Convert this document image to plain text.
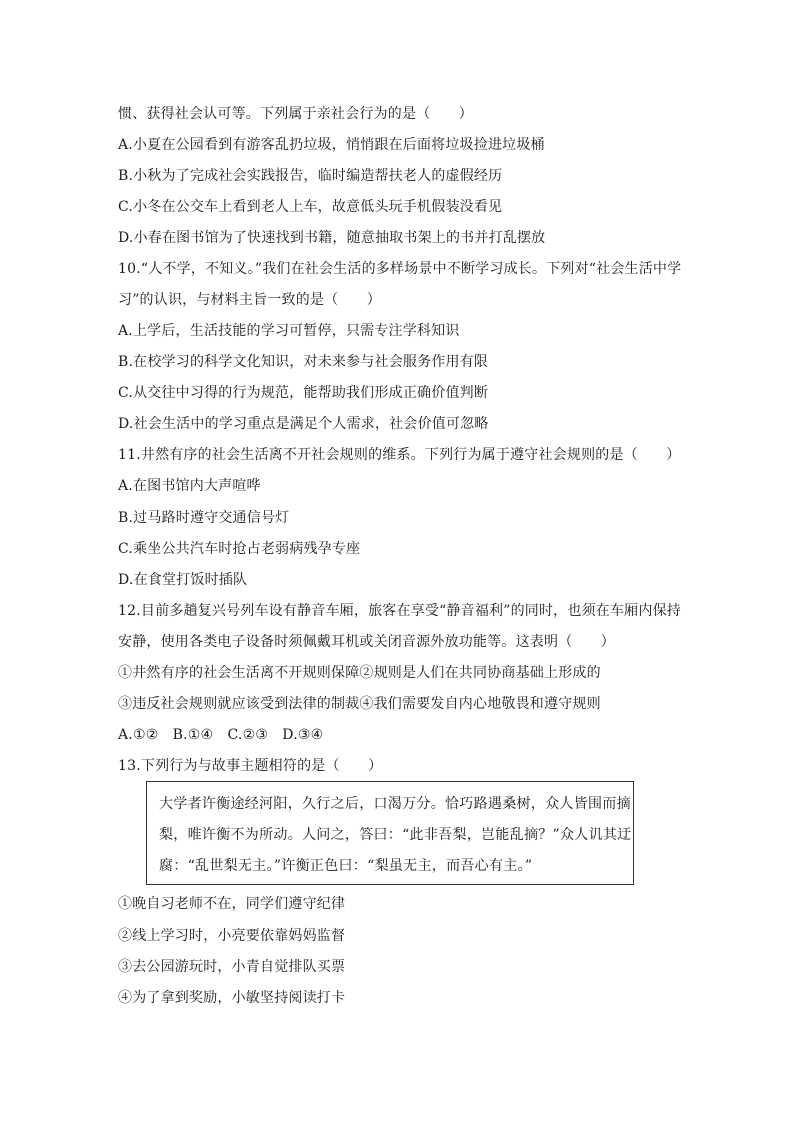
惯、获得社会认可等。下列属于亲社会行为的是（　　）
A.小夏在公园看到有游客乱扔垃圾，悄悄跟在后面将垃圾捡进垃圾桶
B.小秋为了完成社会实践报告，临时编造帮扶老人的虚假经历
C.小冬在公交车上看到老人上车，故意低头玩手机假装没看见
D.小春在图书馆为了快速找到书籍，随意抽取书架上的书并打乱摆放
10.“人不学，不知义。”我们在社会生活的多样场景中不断学习成长。下列对“社会生活中学
习”的认识，与材料主旨一致的是（　　）
A.上学后，生活技能的学习可暂停，只需专注学科知识
B.在校学习的科学文化知识，对未来参与社会服务作用有限
C.从交往中习得的行为规范，能帮助我们形成正确价值判断
D.社会生活中的学习重点是满足个人需求，社会价值可忽略
11.井然有序的社会生活离不开社会规则的维系。下列行为属于遵守社会规则的是（　　）
A.在图书馆内大声喧哗
B.过马路时遵守交通信号灯
C.乘坐公共汽车时抢占老弱病残孕专座
D.在食堂打饭时插队
12.目前多趟复兴号列车设有静音车厢，旅客在享受“静音福利”的同时，也须在车厢内保持
安静，使用各类电子设备时须佩戴耳机或关闭音源外放功能等。这表明（　　）
①井然有序的社会生活离不开规则保障②规则是人们在共同协商基础上形成的
③违反社会规则就应该受到法律的制裁④我们需要发自内心地敬畏和遵守规则
A.①②　B.①④　C.②③　D.③④
13.下列行为与故事主题相符的是（　　）
大学者许衡途经河阳，久行之后，口渴万分。恰巧路遇桑树，众人皆围而摘
梨，唯许衡不为所动。人问之，答曰：“此非吾梨，岂能乱摘？”众人讥其迂
腐：“乱世梨无主。”许衡正色曰：“梨虽无主，而吾心有主。”
①晚自习老师不在，同学们遵守纪律
②线上学习时，小亮要依靠妈妈监督
③去公园游玩时，小青自觉排队买票
④为了拿到奖励，小敏坚持阅读打卡
